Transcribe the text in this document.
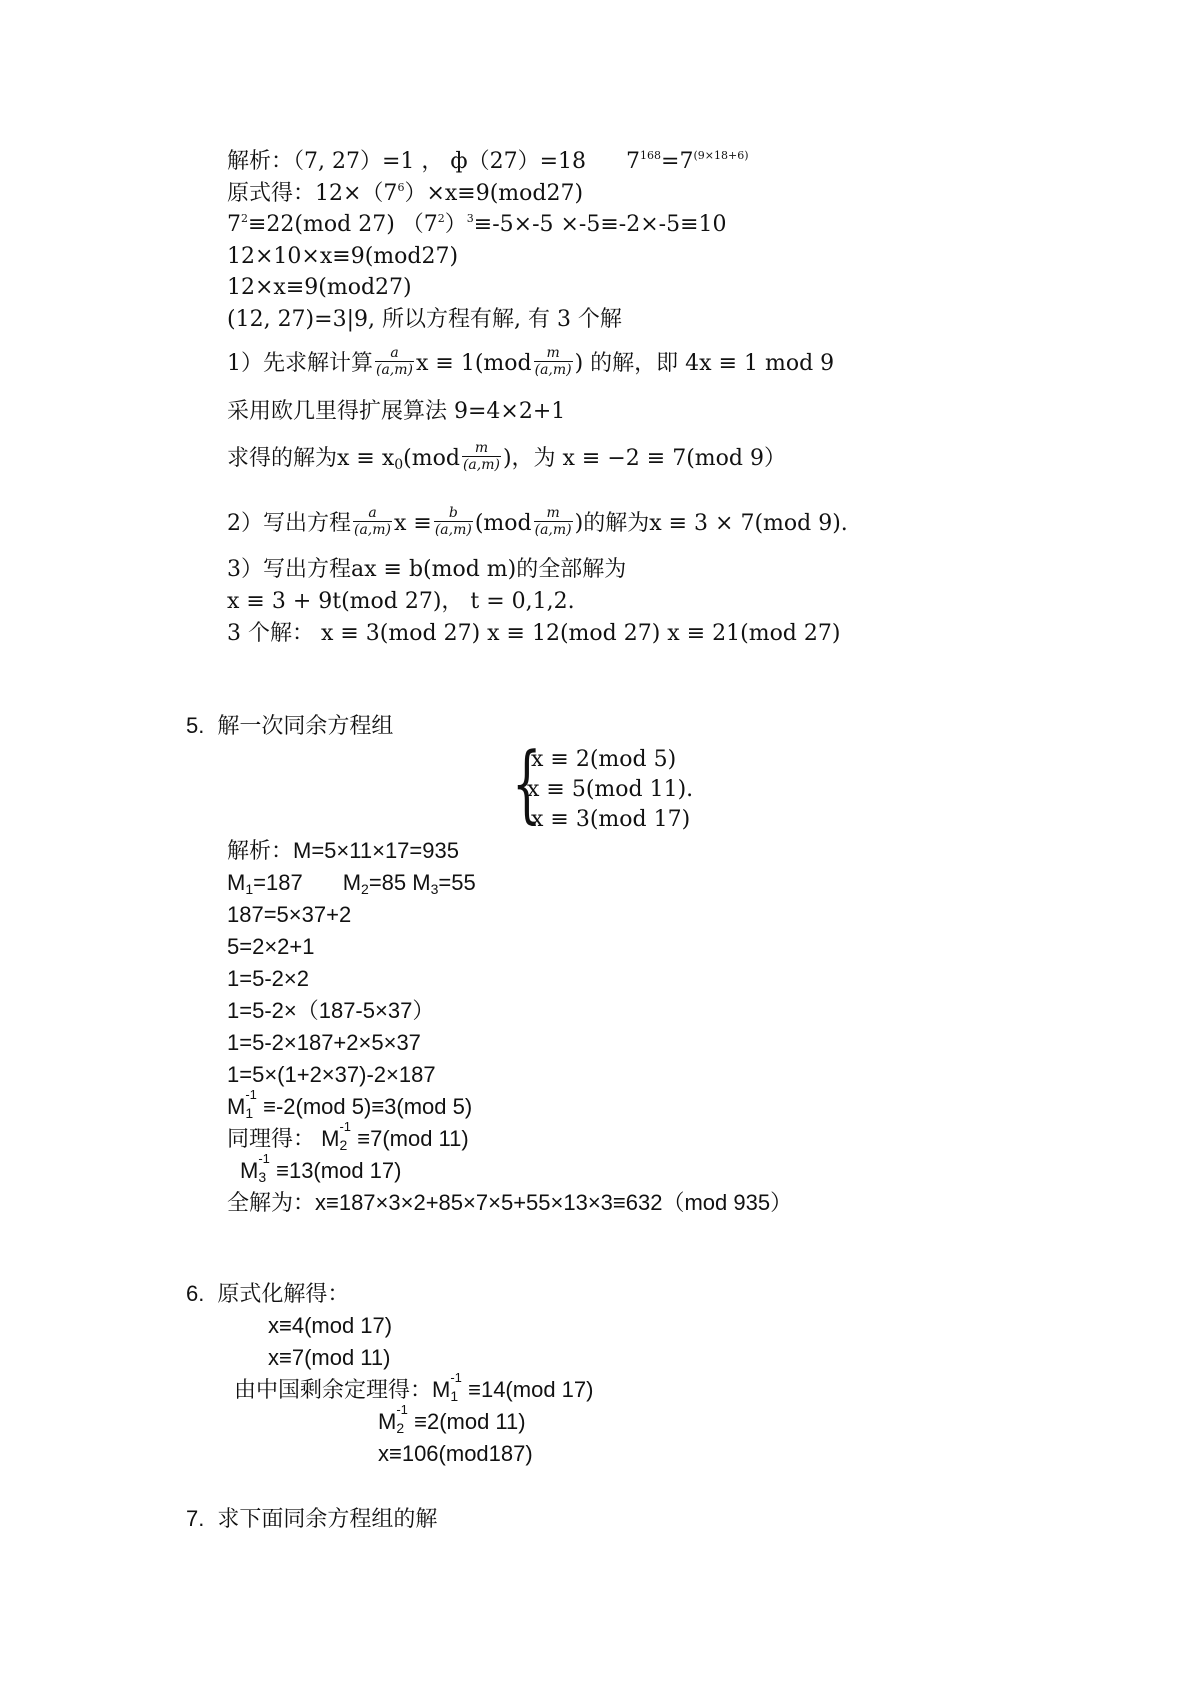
解析：（7, 27）=1 ， ф（27）=18 $7^{168}=7^{(9\times 18+6)}$
原式得：$12\times(7^6)\times x\equiv 9(mod27)$
$7^2\equiv 22(mod$ 27) $(7^2)^3\equiv-5\times-5 \times-5\equiv-2\times-5\equiv 10$
12×10×x≡9(mod27)
12×x≡9(mod27)
(12, 27)=3|9, 所以方程有解, 有 3 个解
1）先求解计算 $\frac{a}{(a,m)}$ $x \equiv 1(mod \frac{m}{(a,m)}$ ) 的解，即 4x ≡ 1 mod 9
采用欧几里得扩展算法 9=4×2+1
求得的解为$x \equiv x_0(mod \frac{m}{(a,m)}$ )，为 x ≡ −2 ≡ 7(mod 9）
2）写出方程 $\frac{a}{(a,m)}$ $x \equiv \frac{b}{(a,m)} (mod \frac{m}{(a,m)}$ )的解为x ≡ 3 × 7(mod 9).
3）写出方程ax ≡ b(mod m)的全部解为
x ≡ 3 + 9t(mod 27)， t = 0,1,2.
3 个解： x ≡ 3(mod 27) x ≡ 12(mod 27) x ≡ 21(mod 27)
5. 解一次同余方程组
{
x ≡ 2(mod 5)
x ≡ 5(mod 11).
x ≡ 3(mod 17)
解析：M=5×11×17=935
$M_1=187$ $M_2=85$ $M_3=55$
187=5×37+2
5=2×2+1
1=5-2×2
1=5-2×（187-5×37）
1=5-2×187+2×5×37
1=5×(1+2×37)-2×187
M -1
$_1$ ≡-2(mod 5)≡3(mod 5)
同理得： M -1
$_2$ ≡7(mod 11)
M -1
$_3$ ≡13(mod 17)
全解为：x≡187×3×2+85×7×5+55×13×3≡632（mod 935）
6. 原式化解得：
x≡4(mod 17)
x≡7(mod 11)
由中国剩余定理得：M -1
$_1$ ≡14(mod 17)
M -1
$_2$ ≡2(mod 11)
x≡106(mod187)
7. 求下面同余方程组的解
